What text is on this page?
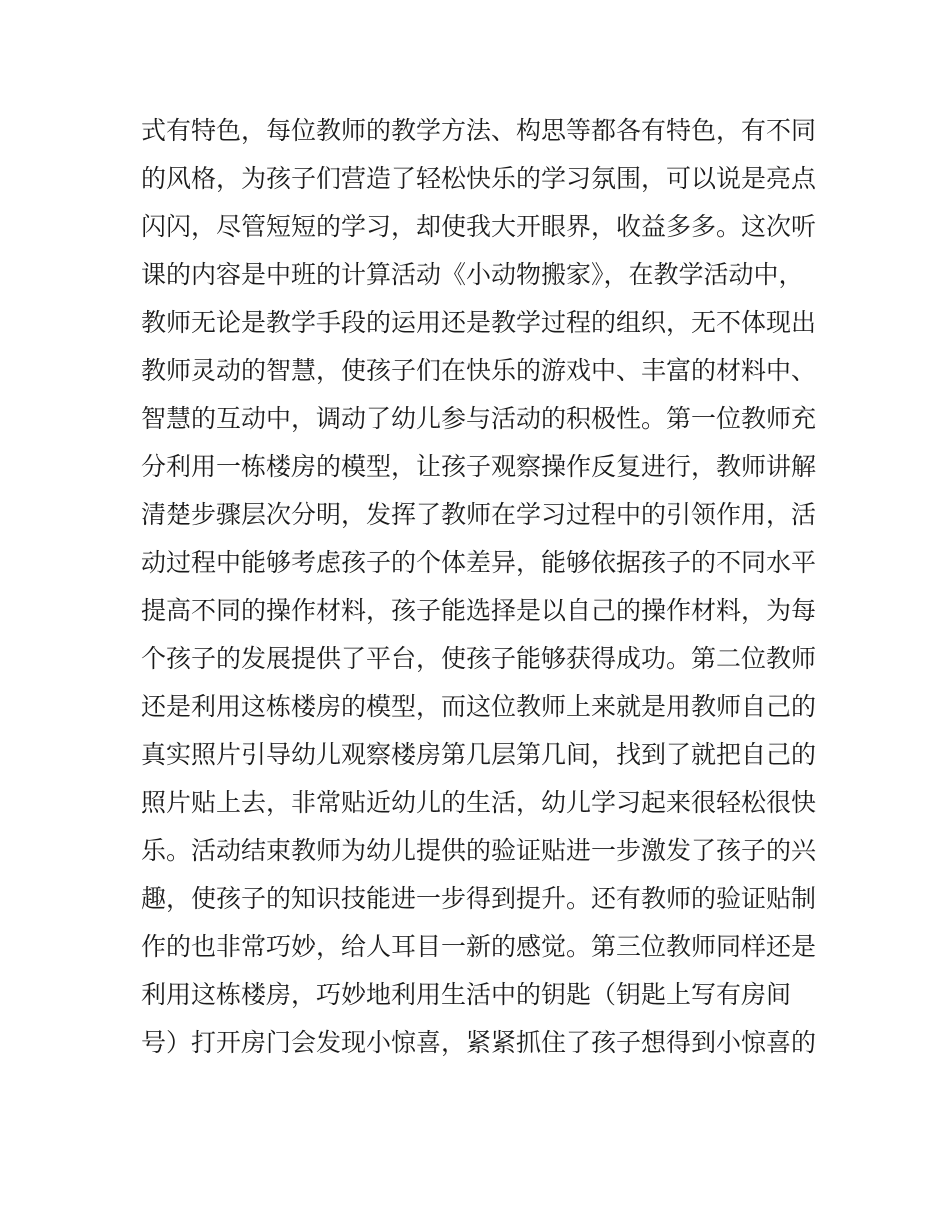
式有特色，每位教师的教学方法、构思等都各有特色，有不同
的风格，为孩子们营造了轻松快乐的学习氛围，可以说是亮点
闪闪，尽管短短的学习，却使我大开眼界，收益多多。这次听
课的内容是中班的计算活动《小动物搬家》，在教学活动中，
教师无论是教学手段的运用还是教学过程的组织，无不体现出
教师灵动的智慧，使孩子们在快乐的游戏中、丰富的材料中、
智慧的互动中，调动了幼儿参与活动的积极性。第一位教师充
分利用一栋楼房的模型，让孩子观察操作反复进行，教师讲解
清楚步骤层次分明，发挥了教师在学习过程中的引领作用，活
动过程中能够考虑孩子的个体差异，能够依据孩子的不同水平
提高不同的操作材料，孩子能选择是以自己的操作材料，为每
个孩子的发展提供了平台，使孩子能够获得成功。第二位教师
还是利用这栋楼房的模型，而这位教师上来就是用教师自己的
真实照片引导幼儿观察楼房第几层第几间，找到了就把自己的
照片贴上去，非常贴近幼儿的生活，幼儿学习起来很轻松很快
乐。活动结束教师为幼儿提供的验证贴进一步激发了孩子的兴
趣，使孩子的知识技能进一步得到提升。还有教师的验证贴制
作的也非常巧妙，给人耳目一新的感觉。第三位教师同样还是
利用这栋楼房，巧妙地利用生活中的钥匙（钥匙上写有房间
号）打开房门会发现小惊喜，紧紧抓住了孩子想得到小惊喜的
